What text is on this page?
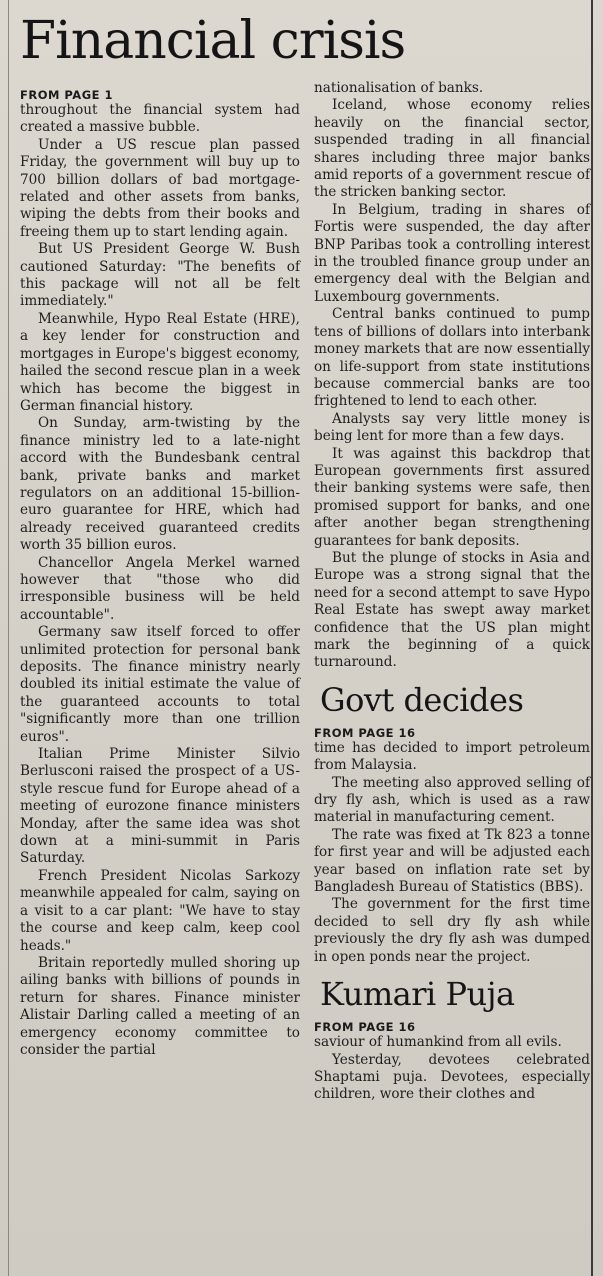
Financial crisis

FROM PAGE 1

throughout the financial system had created a massive bubble.

Under a US rescue plan passed Friday, the government will buy up to 700 billion dollars of bad mortgage-related and other assets from banks, wiping the debts from their books and freeing them up to start lending again.

But US President George W. Bush cautioned Saturday: "The benefits of this package will not all be felt immediately."

Meanwhile, Hypo Real Estate (HRE), a key lender for construction and mortgages in Europe's biggest economy, hailed the second rescue plan in a week which has become the biggest in German financial history.

On Sunday, arm-twisting by the finance ministry led to a late-night accord with the Bundesbank central bank, private banks and market regulators on an additional 15-billion-euro guarantee for HRE, which had already received guaranteed credits worth 35 billion euros.

Chancellor Angela Merkel warned however that "those who did irresponsible business will be held accountable".

Germany saw itself forced to offer unlimited protection for personal bank deposits. The finance ministry nearly doubled its initial estimate the value of the guaranteed accounts to total "significantly more than one trillion euros".

Italian Prime Minister Silvio Berlusconi raised the prospect of a US-style rescue fund for Europe ahead of a meeting of eurozone finance ministers Monday, after the same idea was shot down at a mini-summit in Paris Saturday.

French President Nicolas Sarkozy meanwhile appealed for calm, saying on a visit to a car plant: "We have to stay the course and keep calm, keep cool heads."

Britain reportedly mulled shoring up ailing banks with billions of pounds in return for shares. Finance minister Alistair Darling called a meeting of an emergency economy committee to consider the partial

nationalisation of banks.

Iceland, whose economy relies heavily on the financial sector, suspended trading in all financial shares including three major banks amid reports of a government rescue of the stricken banking sector.

In Belgium, trading in shares of Fortis were suspended, the day after BNP Paribas took a controlling interest in the troubled finance group under an emergency deal with the Belgian and Luxembourg governments.

Central banks continued to pump tens of billions of dollars into interbank money markets that are now essentially on life-support from state institutions because commercial banks are too frightened to lend to each other.

Analysts say very little money is being lent for more than a few days.

It was against this backdrop that European governments first assured their banking systems were safe, then promised support for banks, and one after another began strengthening guarantees for bank deposits.

But the plunge of stocks in Asia and Europe was a strong signal that the need for a second attempt to save Hypo Real Estate has swept away market confidence that the US plan might mark the beginning of a quick turnaround.

Govt decides

FROM PAGE 16

time has decided to import petroleum from Malaysia.

The meeting also approved selling of dry fly ash, which is used as a raw material in manufacturing cement.

The rate was fixed at Tk 823 a tonne for first year and will be adjusted each year based on inflation rate set by Bangladesh Bureau of Statistics (BBS).

The government for the first time decided to sell dry fly ash while previously the dry fly ash was dumped in open ponds near the project.

Kumari Puja

FROM PAGE 16

saviour of humankind from all evils.

Yesterday, devotees celebrated Shaptami puja. Devotees, especially children, wore their clothes and
